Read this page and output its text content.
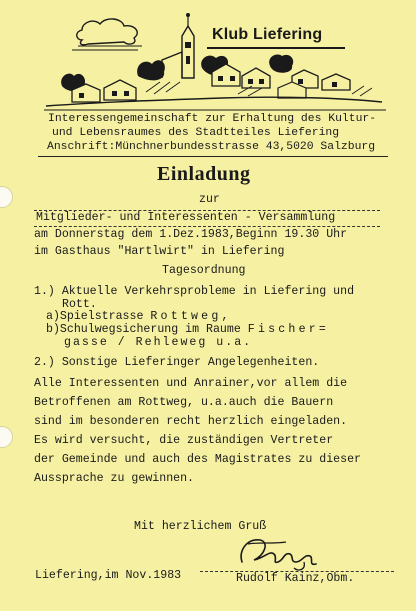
Klub Liefering
Interessengemeinschaft zur Erhaltung des Kultur-
und Lebensraumes des Stadtteiles Liefering
Anschrift:Münchnerbundesstrasse 43,5020 Salzburg
Einladung
zur
Mitglieder- und Interessenten - Versammlung
am Donnerstag dem 1.Dez.1983,Beginn 19.30 Uhr
im Gasthaus "Hartlwirt" in Liefering
Tagesordnung
1.) Aktuelle Verkehrsprobleme in Liefering und
Rott.
a)Spielstrasse Rottweg,
b)Schulwegsicherung im Raume Fischer=
gasse / Rehleweg u.a.
2.) Sonstige Lieferinger Angelegenheiten.
Alle Interessenten und Anrainer,vor allem die
Betroffenen am Rottweg, u.a.auch die Bauern
sind im besonderen recht herzlich eingeladen.
Es wird versucht, die zuständigen Vertreter
der Gemeinde und auch des Magistrates zu dieser
Aussprache zu gewinnen.
Mit herzlichem Gruß
Liefering,im Nov.1983	Rudolf Kainz,Obm.
